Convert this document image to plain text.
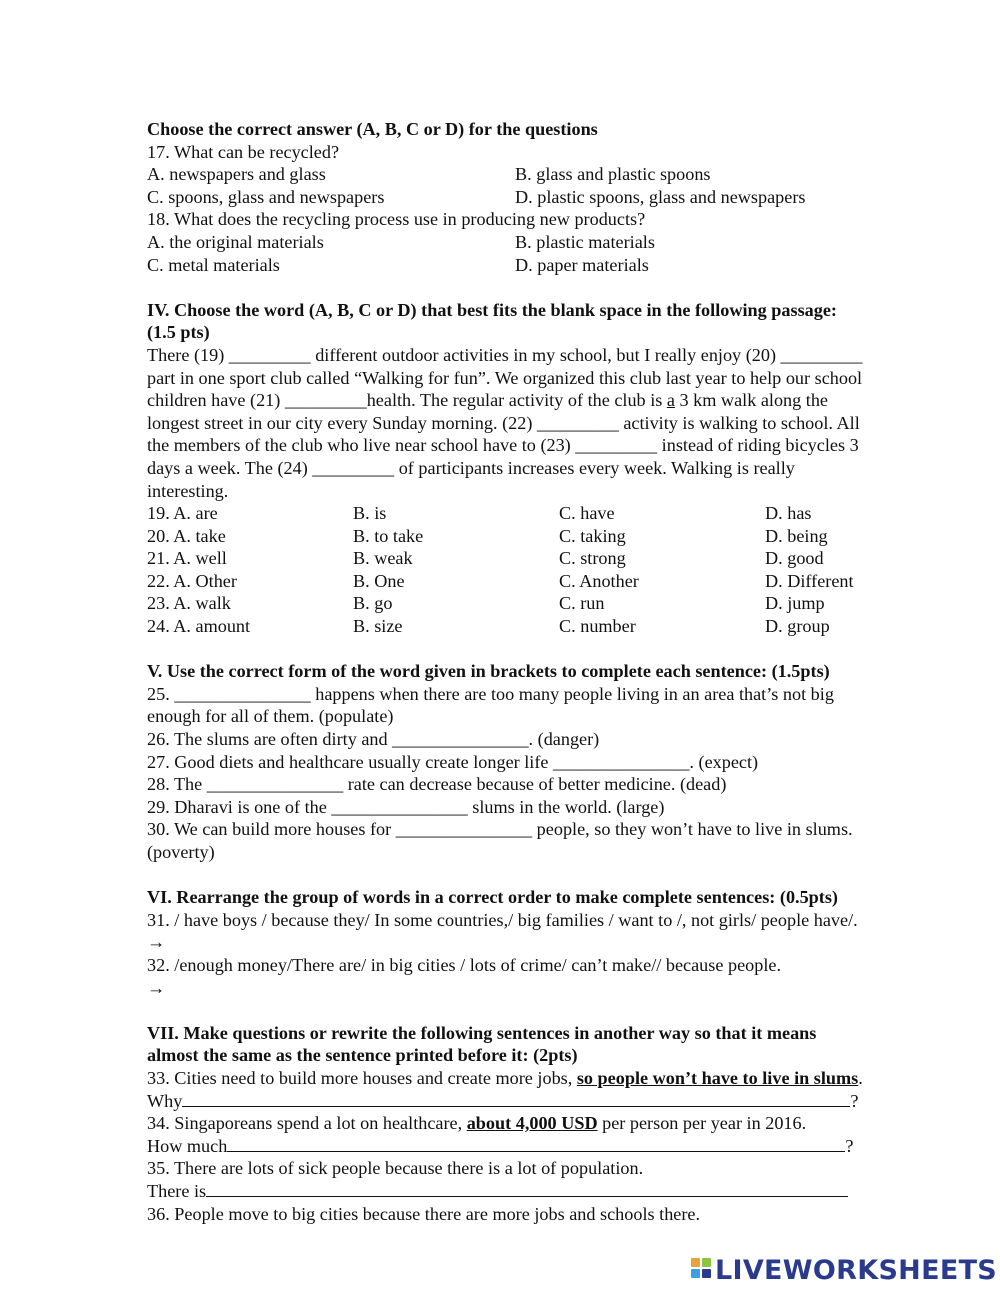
Choose the correct answer (A, B, C or D) for the questions
17. What can be recycled?
A. newspapers and glass	B. glass and plastic spoons
C. spoons, glass and newspapers	D. plastic spoons, glass and newspapers
18. What does the recycling process use in producing new products?
A. the original materials	B. plastic materials
C. metal materials	D. paper materials
IV. Choose the word (A, B, C or D) that best fits the blank space in the following passage:
(1.5 pts)
There (19) _________ different outdoor activities in my school, but I really enjoy (20) _________
part in one sport club called “Walking for fun”. We organized this club last year to help our school
children have (21) _________health. The regular activity of the club is a 3 km walk along the
longest street in our city every Sunday morning. (22) _________ activity is walking to school. All
the members of the club who live near school have to (23) _________ instead of riding bicycles 3
days a week. The (24) _________ of participants increases every week. Walking is really
interesting.
19. A. are	B. is	C. have	D. has
20. A. take	B. to take	C. taking	D. being
21. A. well	B. weak	C. strong	D. good
22. A. Other	B. One	C. Another	D. Different
23. A. walk	B. go	C. run	D. jump
24. A. amount	B. size	C. number	D. group
V. Use the correct form of the word given in brackets to complete each sentence: (1.5pts)
25. _______________ happens when there are too many people living in an area that’s not big
enough for all of them. (populate)
26. The slums are often dirty and _______________. (danger)
27. Good diets and healthcare usually create longer life _______________. (expect)
28. The _______________ rate can decrease because of better medicine. (dead)
29. Dharavi is one of the _______________ slums in the world. (large)
30. We can build more houses for _______________ people, so they won’t have to live in slums.
(poverty)
VI. Rearrange the group of words in a correct order to make complete sentences: (0.5pts)
31. / have boys / because they/ In some countries,/ big families / want to /, not girls/ people have/.
→
32. /enough money/There are/ in big cities / lots of crime/ can’t make// because people.
→
VII. Make questions or rewrite the following sentences in another way so that it means
almost the same as the sentence printed before it: (2pts)
33. Cities need to build more houses and create more jobs, so people won’t have to live in slums.
Why	?
34. Singaporeans spend a lot on healthcare, about 4,000 USD per person per year in 2016.
How much	?
35. There are lots of sick people because there is a lot of population.
There is
36. People move to big cities because there are more jobs and schools there.
LIVEWORKSHEETS
